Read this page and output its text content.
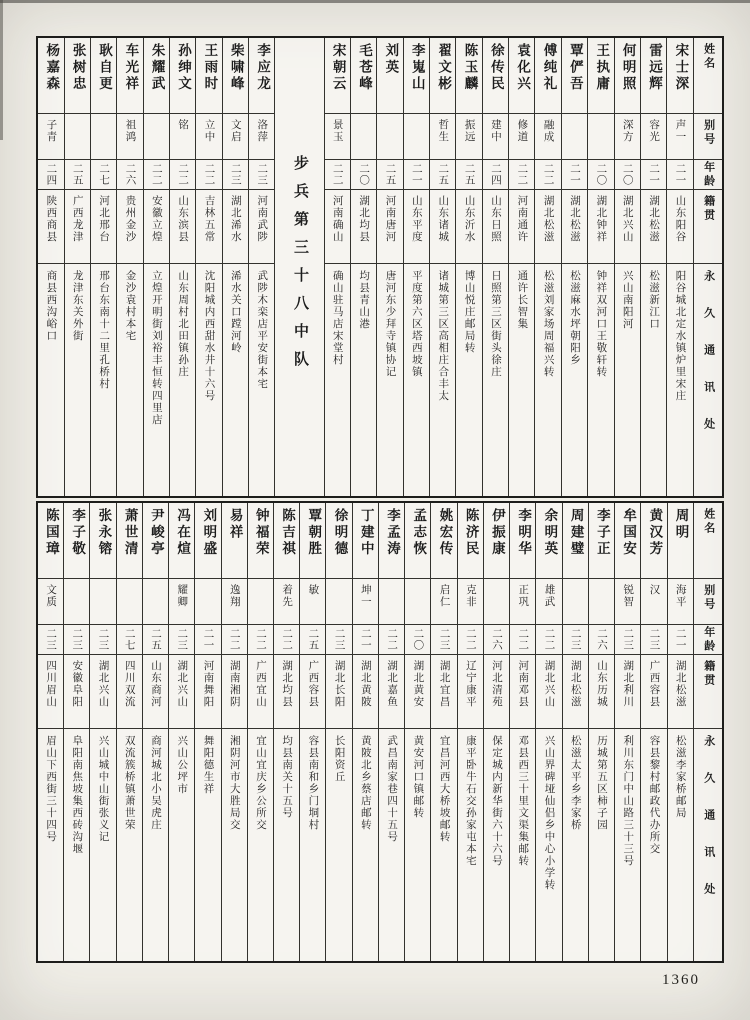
姓名
别号
年龄
籍贯
永久通讯处
宋士深
声一
二一
山东阳谷
阳谷城北定水镇炉里宋庄
雷远辉
容光
二一
湖北松滋
松滋新江口
何明照
深方
二〇
湖北兴山
兴山南阳河
王执庸
二〇
湖北钟祥
钟祥双河口王敬轩转
覃俨吾
二一
湖北松滋
松滋麻水坪朝阳乡
傅纯礼
融成
二二
湖北松滋
松滋刘家场周福兴转
袁化兴
修道
二二
河南通许
通许长智集
徐传民
建中
二四
山东日照
日照第三区街头徐庄
陈玉麟
振远
二五
山东沂水
博山悦庄邮局转
翟文彬
哲生
二五
山东诸城
诸城第三区高相庄合丰太
李嵬山
二一
山东平度
平度第六区塔西坡镇
刘英
二五
河南唐河
唐河东少拜寺镇协记
毛苍峰
二〇
湖北均县
均县青山港
宋朝云
景玉
二二
河南确山
确山驻马店宋堂村
步兵第三十八中队
李应龙
洛萍
二三
河南武陟
武陟木栾店平安街本宅
柴啸峰
文启
二三
湖北浠水
浠水关口蹚河岭
王雨时
立中
二二
吉林五常
沈阳城内西甜水井十六号
孙绅文
铭
二二
山东滨县
山东周村北田镇孙庄
朱耀武
二二
安徽立煌
立煌开明街刘裕丰恒转四里店
车光祥
祖鸿
二六
贵州金沙
金沙袁村本宅
耿自更
二七
河北邢台
邢台东南十二里孔桥村
张树忠
二五
广西龙津
龙津东关外街
杨嘉森
子青
二四
陕西商县
商县西沟峪口
姓名
别号
年龄
籍贯
永久通讯处
周明
海平
二一
湖北松滋
松滋李家桥邮局
黄汉芳
汉
二三
广西容县
容县黎村邮政代办所交
牟国安
锐智
二三
湖北利川
利川东门中山路三十三号
李子正
二六
山东历城
历城第五区柿子园
周建璧
二三
湖北松滋
松滋太平乡李家桥
余明英
雄武
二二
湖北兴山
兴山界碑垭仙侣乡中心小学转
李明华
正巩
二二
河南邓县
邓县西三十里文渠集邮转
伊振康
二六
河北清苑
保定城内新华街六十六号
陈济民
克非
二二
辽宁康平
康平卧牛石交孙家屯本宅
姚宏传
启仁
二三
湖北宜昌
宜昌河西大桥坡邮转
孟志恢
二〇
湖北黄安
黄安河口镇邮转
李孟涛
二二
湖北嘉鱼
武昌南家巷四十五号
丁建中
坤一
二一
湖北黄陂
黄陂北乡蔡店邮转
徐明德
二三
湖北长阳
长阳资丘
覃朝胜
敏
二五
广西容县
容县南和乡门垌村
陈吉祺
着先
二二
湖北均县
均县南关十五号
钟福荣
二二
广西宜山
宜山宜庆乡公所交
易祥
逸翔
二二
湖南湘阴
湘阴河市大胜局交
刘明盛
二一
河南舞阳
舞阳德生祥
冯在煊
耀卿
二三
湖北兴山
兴山公坪市
尹峻亭
二五
山东商河
商河城北小吴虎庄
萧世清
二七
四川双流
双流簇桥镇萧世荣
张永镕
二三
湖北兴山
兴山城中山街张义记
李子敬
二三
安徽阜阳
阜阳南焦坡集西砖沟堰
陈国璋
文质
二三
四川眉山
眉山下西街三十四号
1360
